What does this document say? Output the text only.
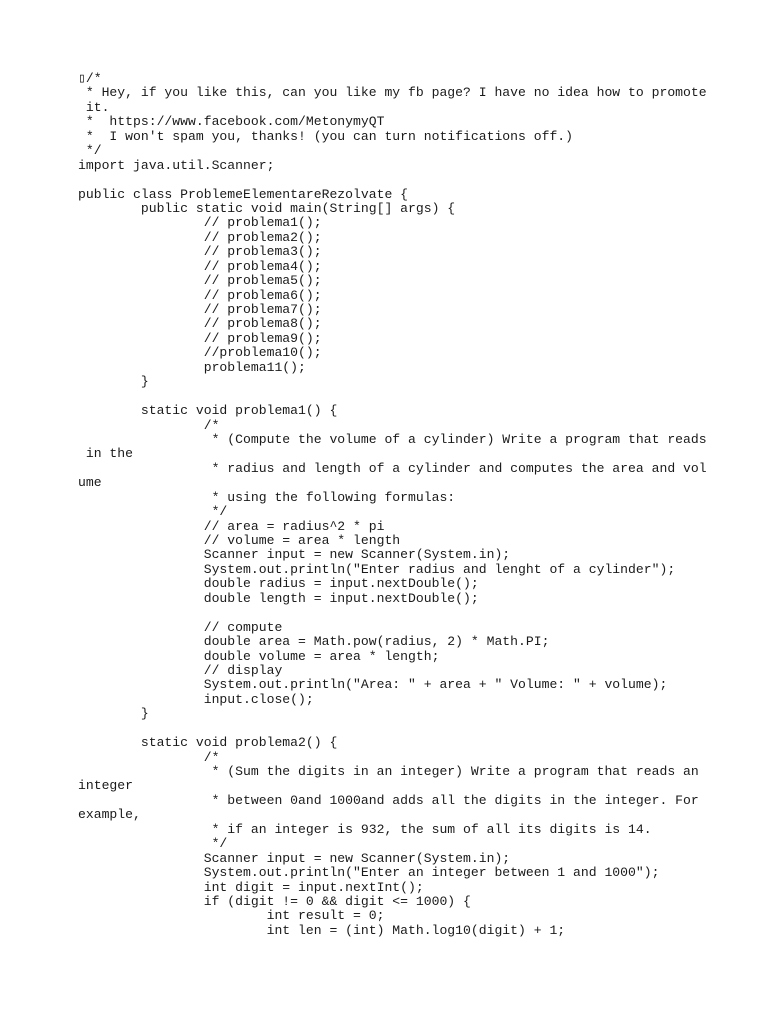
▯/*
* Hey, if you like this, can you like my fb page? I have no idea how to promote
it.
*  https://www.facebook.com/MetonymyQT
*  I won't spam you, thanks! (you can turn notifications off.)
*/
import java.util.Scanner;

public class ProblemeElementareRezolvate {
public static void main(String[] args) {
// problema1();
// problema2();
// problema3();
// problema4();
// problema5();
// problema6();
// problema7();
// problema8();
// problema9();
//problema10();
problema11();
}

static void problema1() {
/*
* (Compute the volume of a cylinder) Write a program that reads
in the
* radius and length of a cylinder and computes the area and vol
ume
* using the following formulas:
*/
// area = radius^2 * pi
// volume = area * length
Scanner input = new Scanner(System.in);
System.out.println("Enter radius and lenght of a cylinder");
double radius = input.nextDouble();
double length = input.nextDouble();

// compute
double area = Math.pow(radius, 2) * Math.PI;
double volume = area * length;
// display
System.out.println("Area: " + area + " Volume: " + volume);
input.close();
}

static void problema2() {
/*
* (Sum the digits in an integer) Write a program that reads an
integer
* between 0and 1000and adds all the digits in the integer. For
example,
* if an integer is 932, the sum of all its digits is 14.
*/
Scanner input = new Scanner(System.in);
System.out.println("Enter an integer between 1 and 1000");
int digit = input.nextInt();
if (digit != 0 && digit <= 1000) {
int result = 0;
int len = (int) Math.log10(digit) + 1;
